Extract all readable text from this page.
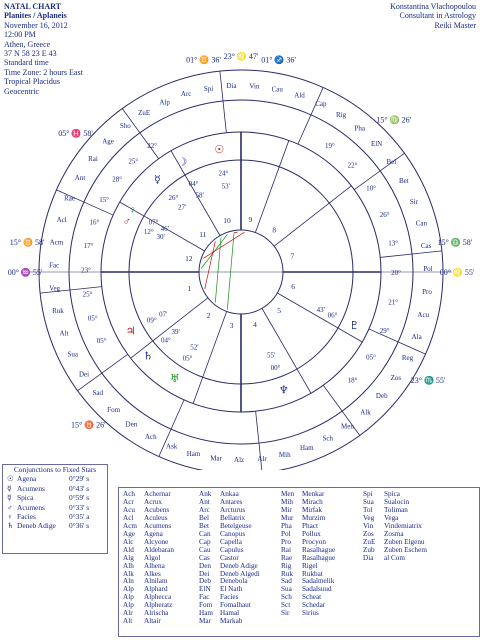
NATAL CHART
Planites / Aplaneis
November 16, 2012
12:00 PM
Athen, Greece
37 N 58 23 E 43
Standard time
Time Zone: 2 hours East
Tropical Placidus
Geocentric
Konstantina Vlachopoulou
Consultant in Astrology
Reiki Master
1
2
3	4
5
6
7
8
9
10
11
12
23° ♌ 47'
15° ♍ 26'
15° ♎ 58'
23° ♏ 55'
05° ♓ 58'
15° ♉ 26'
15° ♊ 58'
00° ♒ 55'	00° ♌ 55'
01° ♊ 36'	01° ♐ 36'
Spi
Arc
Alp
ZuE
Sho
Age
Rai
Ant
Rae
Acl
Acm
Fac
Veg
Ruk
Alt
Sua
Dei
Sad
Fom
Den
Ach
Ask
Ham
Mar Alz Alr Mih
Ham
Sch
Men
Alk
Deb
Zos
Reg
Ala
Acu
Pro
Pol
Cas
Can
Sir
Bet
Bel
ElN
Pha
Rig
Cap
Ald
Cau
Vin
Dia
☉
24°
53'
☽
04°
58'
☿
26°
27'
♀
07°
46'
♂
12°
30'
♃
09°
07'
♄
04°
39'
♅
05°
52'
♆
00°
55'
♇
06°
43'
22°
25°
28°
15°
16°
17°
23°
25°
05°
05°
19°
22°
10°
26°
13°
20°
21°
29°
05°
18°
Conjunctions to Fixed Stars
☉ Agena	0°29' s
☿ Acumens	0°43' s
☿ Spica	0°59' s
♂ Acumens	0°33' s
♀ Facies	0°35' a
♄ Deneb Adige	0°36' s
Ach	Achernar
Acr	Acrux
Acu	Acubens
Acl	Aculeus
Acm Acumens
Age	Agena
Alc	Alcyone
Ald	Aldebaran
Alg	Algol
Alh	Alhena
Alk	Alkes
Aln	Alnilam
Alp	Alphard
Alp	Alphecca
Alp	Alpheratz
Alr	Alrischa
Alt	Altair
Ank	Ankaa
Ant	Antares
Arc	Arcturus
Bel	Bellatrix
Bet	Betelgeuse
Can	Canopus
Cap	Capella
Cau	Capulus
Cas	Castor
Den	Deneb Adige
Dei	Deneb Algedi
Deb	Denebola
ElN	El Nath
Fac	Facies
Fom	Fomalhaut
Ham Hamal
Mar	Markab
Men	Menkar
Mih	Mirach
Mir	Mirfak
Mur	Murzim
Pha	Phact
Pol	Pollux
Pro	Procyon
Rai	Rasalhague
Rae	Rasalhague
Rig	Rigel
Ruk	Rukbat
Sad	Sadalmelik
Sua	Sadalsuud
Sch	Scheat
Sct	Schedar
Sir	Sirius
Spi	Spica
Sua	Sualocin
Tol	Toliman
Veg	Vega
Vin	Vindemiatrix
Zos	Zosma
ZuE	Zuben Elgenu
Zub	Zuben Eschem
Dia	al Com
